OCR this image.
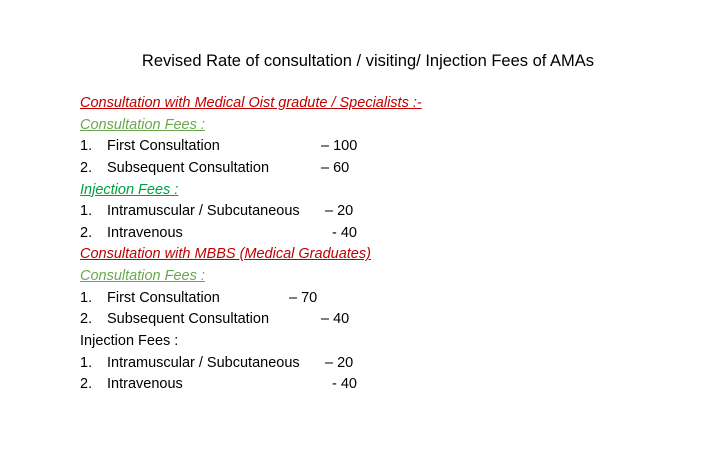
Revised Rate of consultation / visiting/ Injection Fees of AMAs
Consultation with Medical Oist gradute / Specialists :-
Consultation Fees :
1. First Consultation	– 100
2. Subsequent Consultation	– 60
Injection Fees :
1. Intramuscular / Subcutaneous – 20
2. Intravenous	- 40
Consultation with MBBS (Medical Graduates)
Consultation Fees :
1. First Consultation	– 70
2. Subsequent Consultation	– 40
Injection Fees :
1. Intramuscular / Subcutaneous – 20
2. Intravenous	- 40
